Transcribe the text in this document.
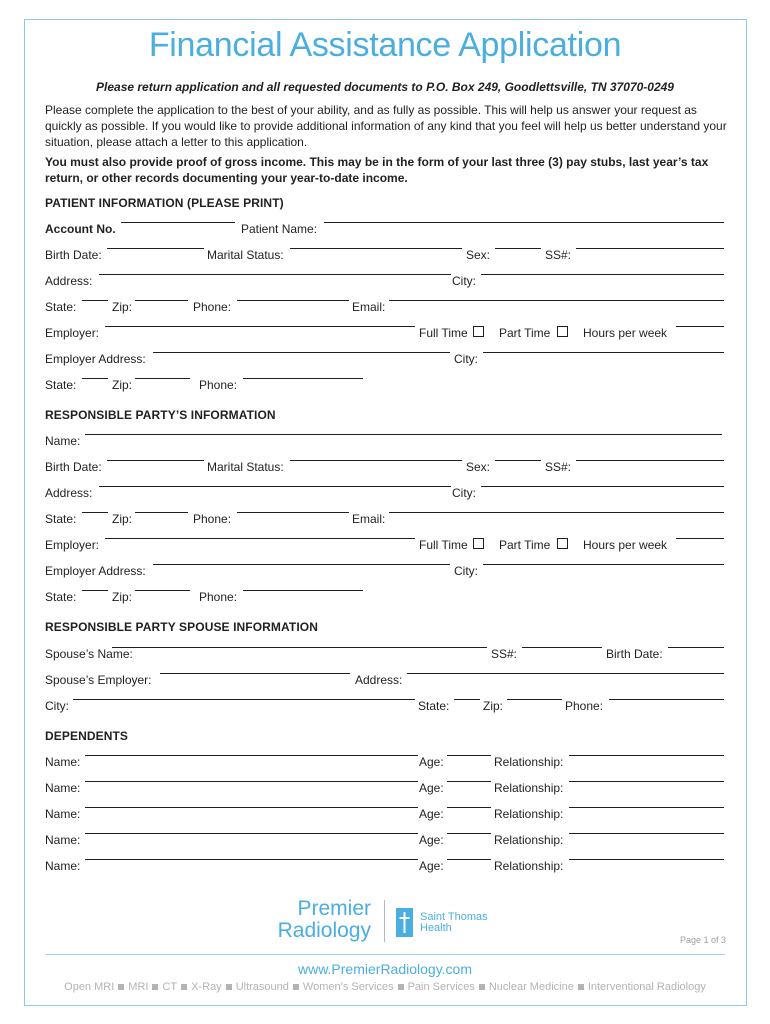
Financial Assistance Application
Please return application and all requested documents to P.O. Box 249, Goodlettsville, TN 37070-0249
Please complete the application to the best of your ability, and as fully as possible. This will help us answer your request as quickly as possible. If you would like to provide additional information of any kind that you feel will help us better understand your situation, please attach a letter to this application.
You must also provide proof of gross income. This may be in the form of your last three (3) pay stubs, last year’s tax return, or other records documenting your year-to-date income.
PATIENT INFORMATION (PLEASE PRINT)
Account No.	Patient Name:
Birth Date:	Marital Status:	Sex:	SS#:
Address:	City:
State:	Zip:	Phone:	Email:
Employer:	Full Time	Part Time	Hours per week
Employer Address:	City:
State:	Zip:	Phone:
RESPONSIBLE PARTY’S INFORMATION
Name:
Birth Date:	Marital Status:	Sex:	SS#:
Address:	City:
State:	Zip:	Phone:	Email:
Employer:	Full Time	Part Time	Hours per week
Employer Address:	City:
State:	Zip:	Phone:
RESPONSIBLE PARTY SPOUSE INFORMATION
Spouse’s Name:	SS#:	Birth Date:
Spouse’s Employer:	Address:
City:	State:	Zip:	Phone:
DEPENDENTS
Name:	Age:	Relationship:
Name:	Age:	Relationship:
Name:	Age:	Relationship:
Name:	Age:	Relationship:
Name:	Age:	Relationship:
Premier
Radiology
Saint Thomas
Health
Page 1 of 3
www.PremierRadiology.com
Open MRI MRI CT X-Ray Ultrasound Women’s Services Pain Services Nuclear Medicine Interventional Radiology
